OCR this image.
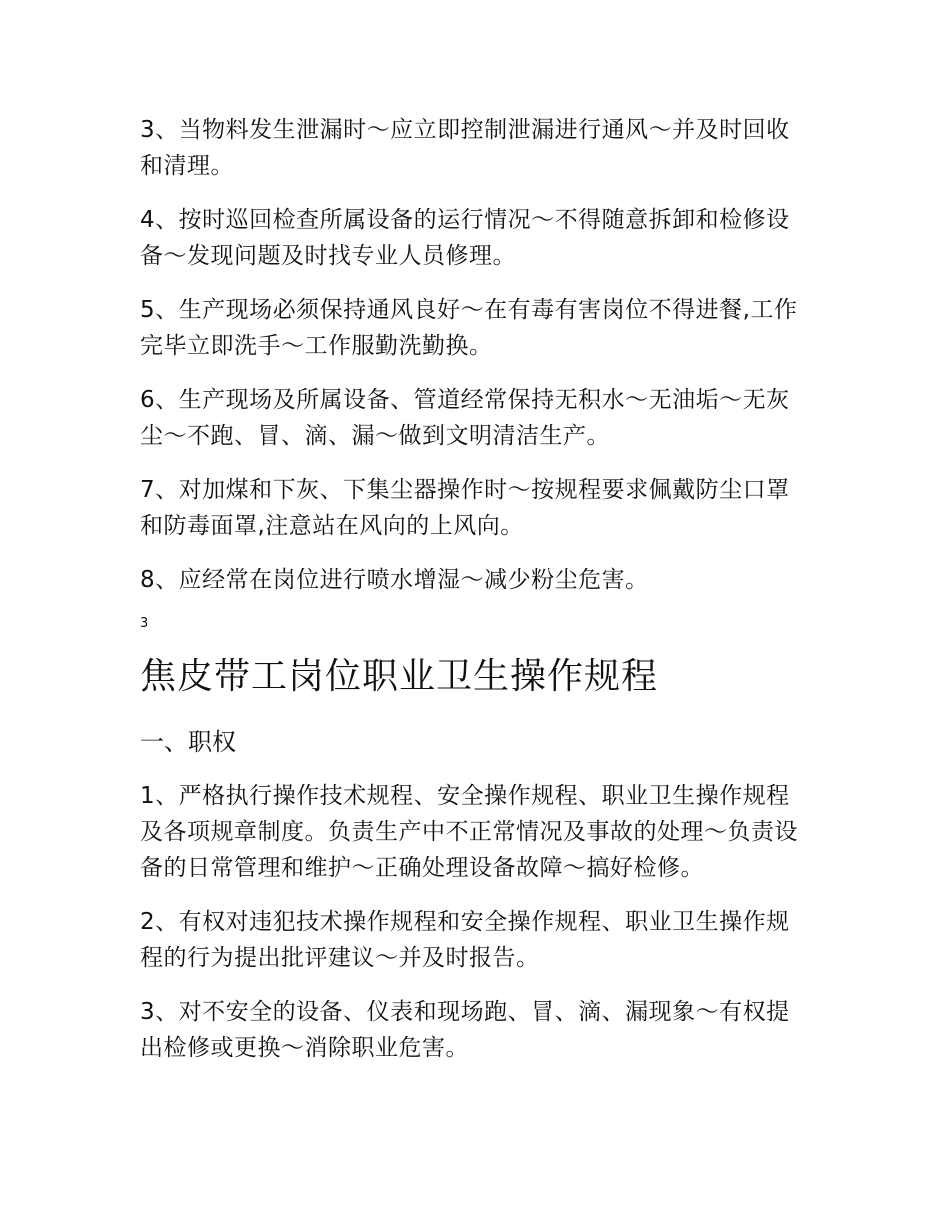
3、当物料发生泄漏时～应立即控制泄漏进行通风～并及时回收和清理。

4、按时巡回检查所属设备的运行情况～不得随意拆卸和检修设备～发现问题及时找专业人员修理。

5、生产现场必须保持通风良好～在有毒有害岗位不得进餐,工作完毕立即洗手～工作服勤洗勤换。

6、生产现场及所属设备、管道经常保持无积水～无油垢～无灰尘～不跑、冒、滴、漏～做到文明清洁生产。

7、对加煤和下灰、下集尘器操作时～按规程要求佩戴防尘口罩和防毒面罩,注意站在风向的上风向。

8、应经常在岗位进行喷水增湿～减少粉尘危害。

3
焦皮带工岗位职业卫生操作规程
一、职权

1、严格执行操作技术规程、安全操作规程、职业卫生操作规程及各项规章制度。负责生产中不正常情况及事故的处理～负责设备的日常管理和维护～正确处理设备故障～搞好检修。

2、有权对违犯技术操作规程和安全操作规程、职业卫生操作规程的行为提出批评建议～并及时报告。

3、对不安全的设备、仪表和现场跑、冒、滴、漏现象～有权提出检修或更换～消除职业危害。
